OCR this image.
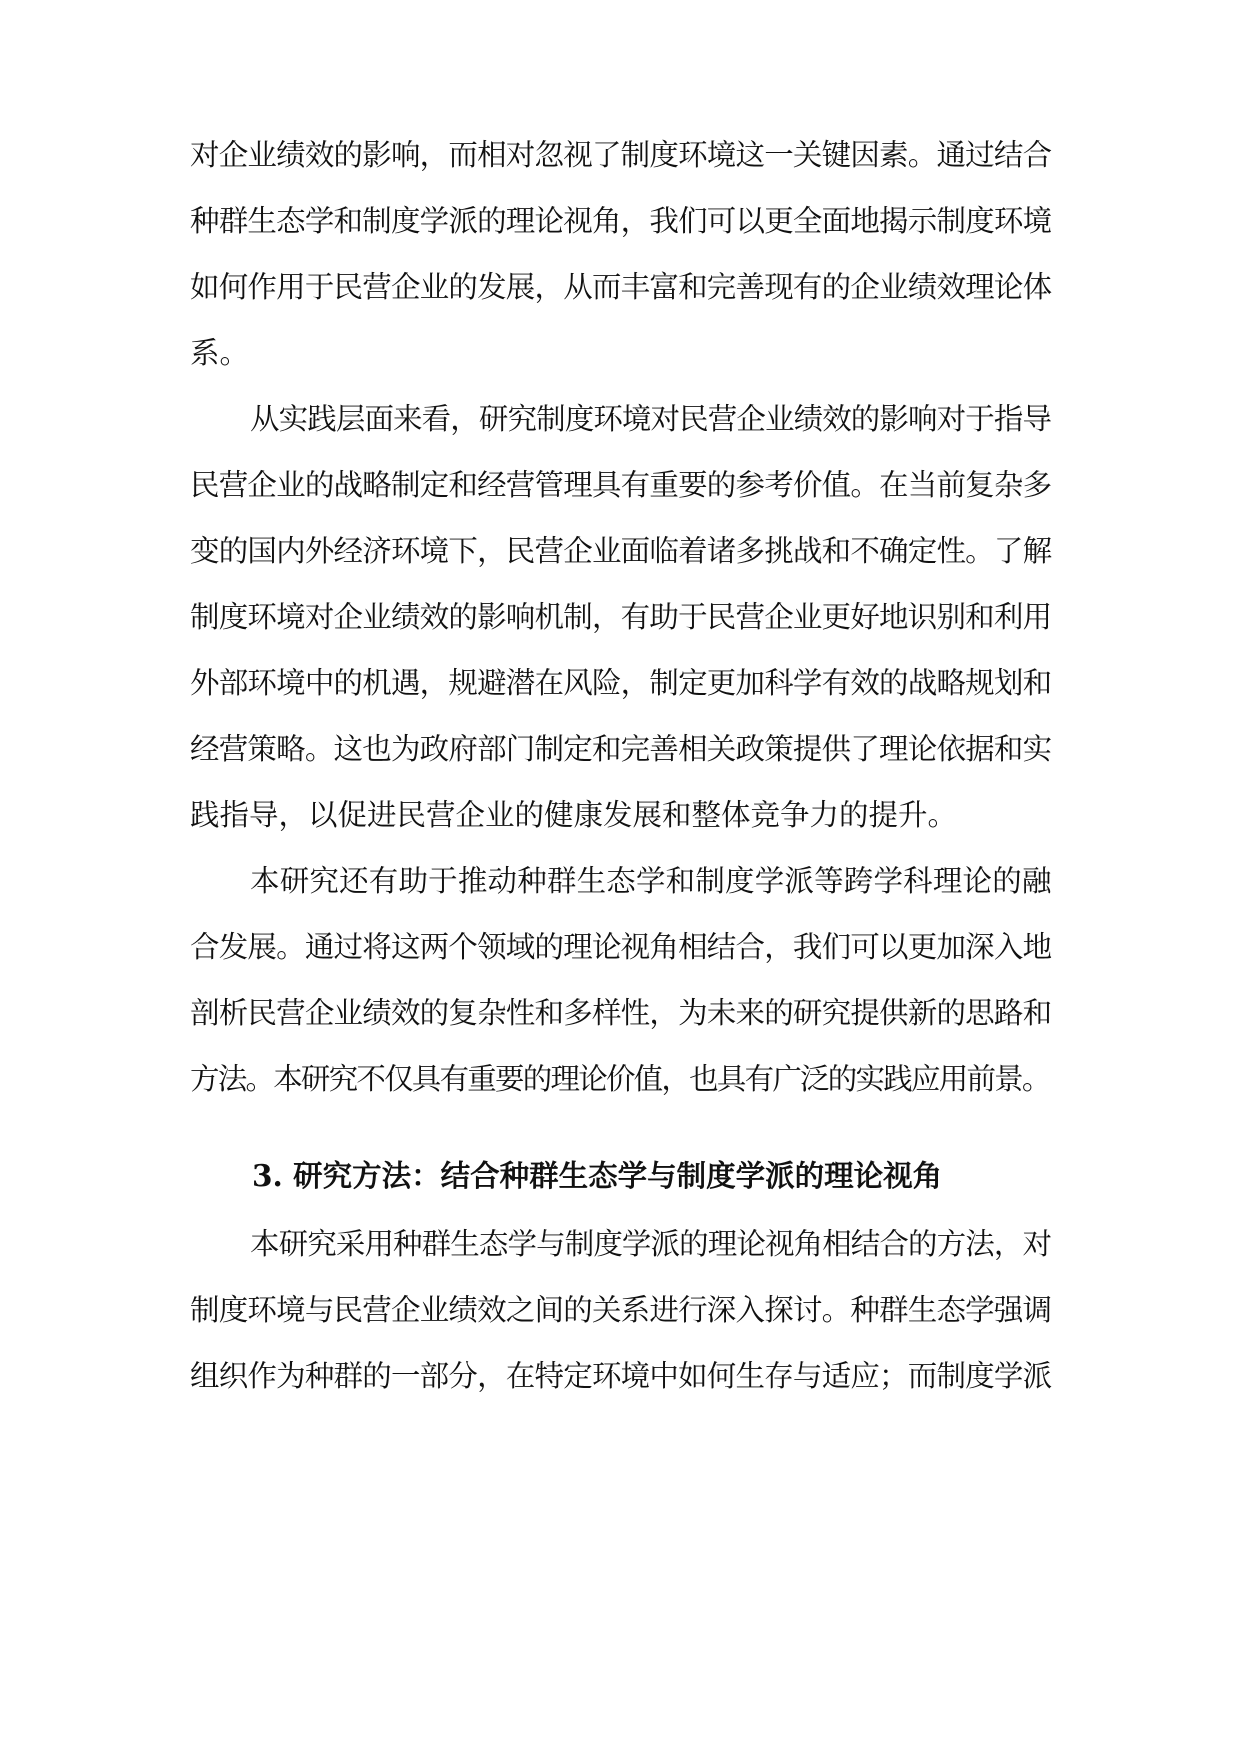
对企业绩效的影响，而相对忽视了制度环境这一关键因素。通过结合
种群生态学和制度学派的理论视角，我们可以更全面地揭示制度环境
如何作用于民营企业的发展，从而丰富和完善现有的企业绩效理论体
系。
从实践层面来看，研究制度环境对民营企业绩效的影响对于指导
民营企业的战略制定和经营管理具有重要的参考价值。在当前复杂多
变的国内外经济环境下，民营企业面临着诸多挑战和不确定性。了解
制度环境对企业绩效的影响机制，有助于民营企业更好地识别和利用
外部环境中的机遇，规避潜在风险，制定更加科学有效的战略规划和
经营策略。这也为政府部门制定和完善相关政策提供了理论依据和实
践指导，以促进民营企业的健康发展和整体竞争力的提升。
本研究还有助于推动种群生态学和制度学派等跨学科理论的融
合发展。通过将这两个领域的理论视角相结合，我们可以更加深入地
剖析民营企业绩效的复杂性和多样性，为未来的研究提供新的思路和
方法。本研究不仅具有重要的理论价值，也具有广泛的实践应用前景。
3. 研究方法：结合种群生态学与制度学派的理论视角
本研究采用种群生态学与制度学派的理论视角相结合的方法，对
制度环境与民营企业绩效之间的关系进行深入探讨。种群生态学强调
组织作为种群的一部分，在特定环境中如何生存与适应；而制度学派
